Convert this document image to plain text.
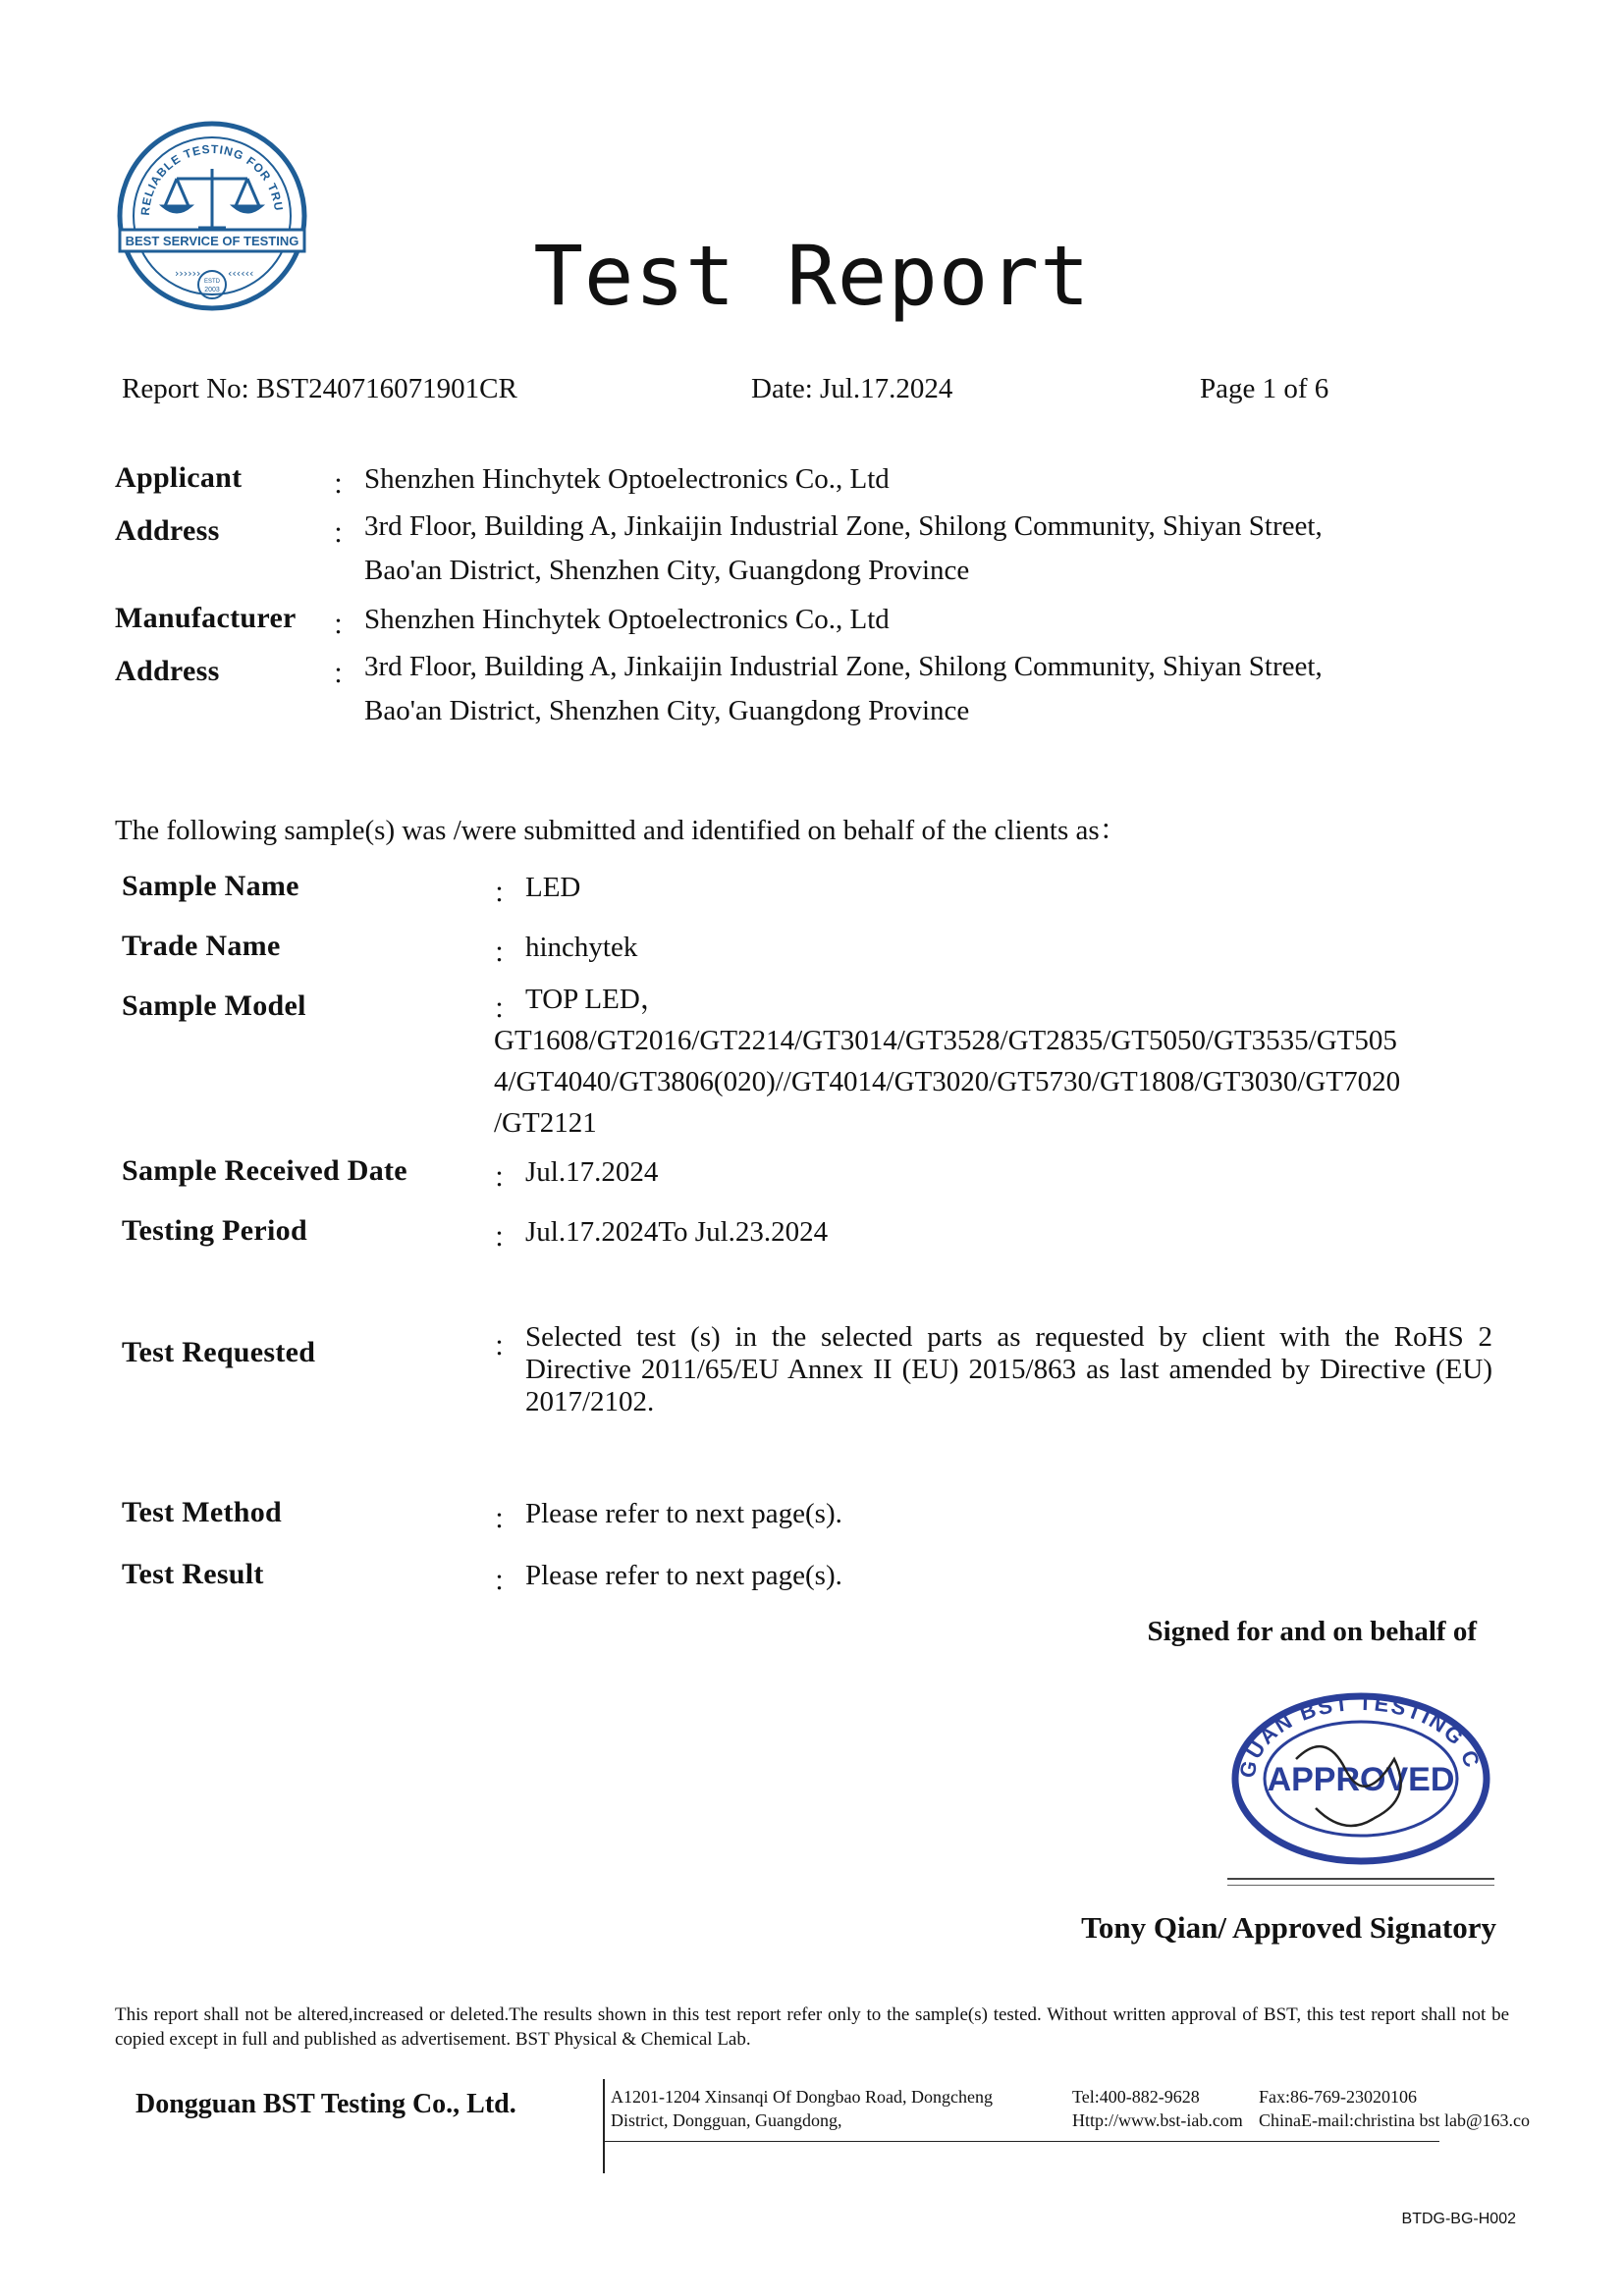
RELIABLE TESTING FOR TRU
BEST SERVICE OF TESTING
››››››	‹‹‹‹‹‹
ESTD
2003	Test Report
Report No: BST240716071901CR	Date: Jul.17.2024	Page 1 of 6
Applicant	： Shenzhen Hinchytek Optoelectronics Co., Ltd
Address	： 3rd Floor, Building A, Jinkaijin Industrial Zone, Shilong Community, Shiyan Street,
Bao'an District, Shenzhen City, Guangdong Province
Manufacturer ： Shenzhen Hinchytek Optoelectronics Co., Ltd
Address	： 3rd Floor, Building A, Jinkaijin Industrial Zone, Shilong Community, Shiyan Street,
Bao'an District, Shenzhen City, Guangdong Province
The following sample(s) was /were submitted and identified on behalf of the clients as：
Sample Name	： LED
Trade Name	： hinchytek
Sample Model	： TOP LED，
GT1608/GT2016/GT2214/GT3014/GT3528/GT2835/GT5050/GT3535/GT505
4/GT4040/GT3806(020)//GT4014/GT3020/GT5730/GT1808/GT3030/GT7020
/GT2121
Sample Received Date	： Jul.17.2024
Testing Period	： Jul.17.2024To Jul.23.2024
Test Requested	： Selected test (s) in the selected parts as requested by client with the RoHS 2 Directive 2011/65/EU Annex II (EU) 2015/863 as last amended by Directive (EU) 2017/2102.
Test Method	： Please refer to next page(s).
Test Result	： Please refer to next page(s).
Signed for and on behalf of
GUAN BST TESTING C
APPROVED
Tony Qian/ Approved Signatory
This report shall not be altered,increased or deleted.The results shown in this test report refer only to the sample(s) tested. Without written approval of BST, this test report shall not be copied except in full and published as advertisement. BST Physical & Chemical Lab.
Dongguan BST Testing Co., Ltd.	A1201-1204 Xinsanqi Of Dongbao Road, Dongcheng
District, Dongguan, Guangdong,
Tel:400-882-9628
Http://www.bst-iab.com
Fax:86-769-23020106
ChinaE-mail:christina bst lab@163.co
BTDG-BG-H002
